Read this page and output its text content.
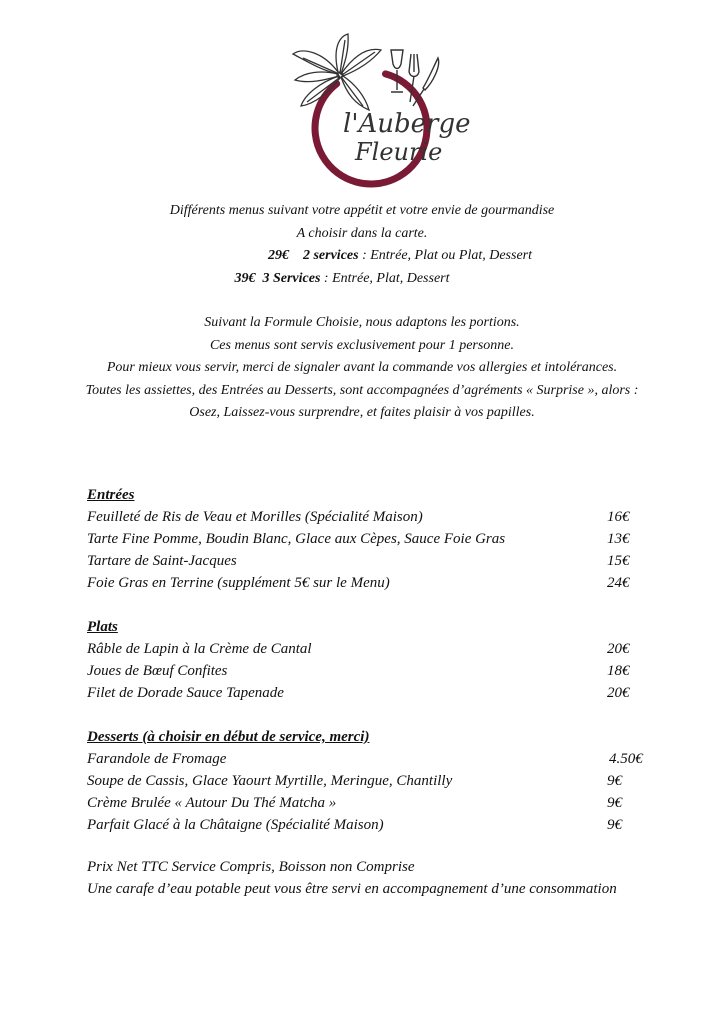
l'Auberge
Fleurie
Différents menus suivant votre appétit et votre envie de gourmandise
A choisir dans la carte.
29€ 2 services : Entrée, Plat ou Plat, Dessert
39€ 3 Services : Entrée, Plat, Dessert
Suivant la Formule Choisie, nous adaptons les portions.
Ces menus sont servis exclusivement pour 1 personne.
Pour mieux vous servir, merci de signaler avant la commande vos allergies et intolérances.
Toutes les assiettes, des Entrées au Desserts, sont accompagnées d’agréments « Surprise », alors :
Osez, Laissez-vous surprendre, et faites plaisir à vos papilles.
Entrées
Feuilleté de Ris de Veau et Morilles (Spécialité Maison)	16€
Tarte Fine Pomme, Boudin Blanc, Glace aux Cèpes, Sauce Foie Gras	13€
Tartare de Saint-Jacques	15€
Foie Gras en Terrine (supplément 5€ sur le Menu)	24€
Plats
Râble de Lapin à la Crème de Cantal	20€
Joues de Bœuf Confites	18€
Filet de Dorade Sauce Tapenade	20€
Desserts (à choisir en début de service, merci)
Farandole de Fromage	4.50€
Soupe de Cassis, Glace Yaourt Myrtille, Meringue, Chantilly	9€
Crème Brulée « Autour Du Thé Matcha »	9€
Parfait Glacé à la Châtaigne (Spécialité Maison)	9€
Prix Net TTC Service Compris, Boisson non Comprise
Une carafe d’eau potable peut vous être servi en accompagnement d’une consommation
